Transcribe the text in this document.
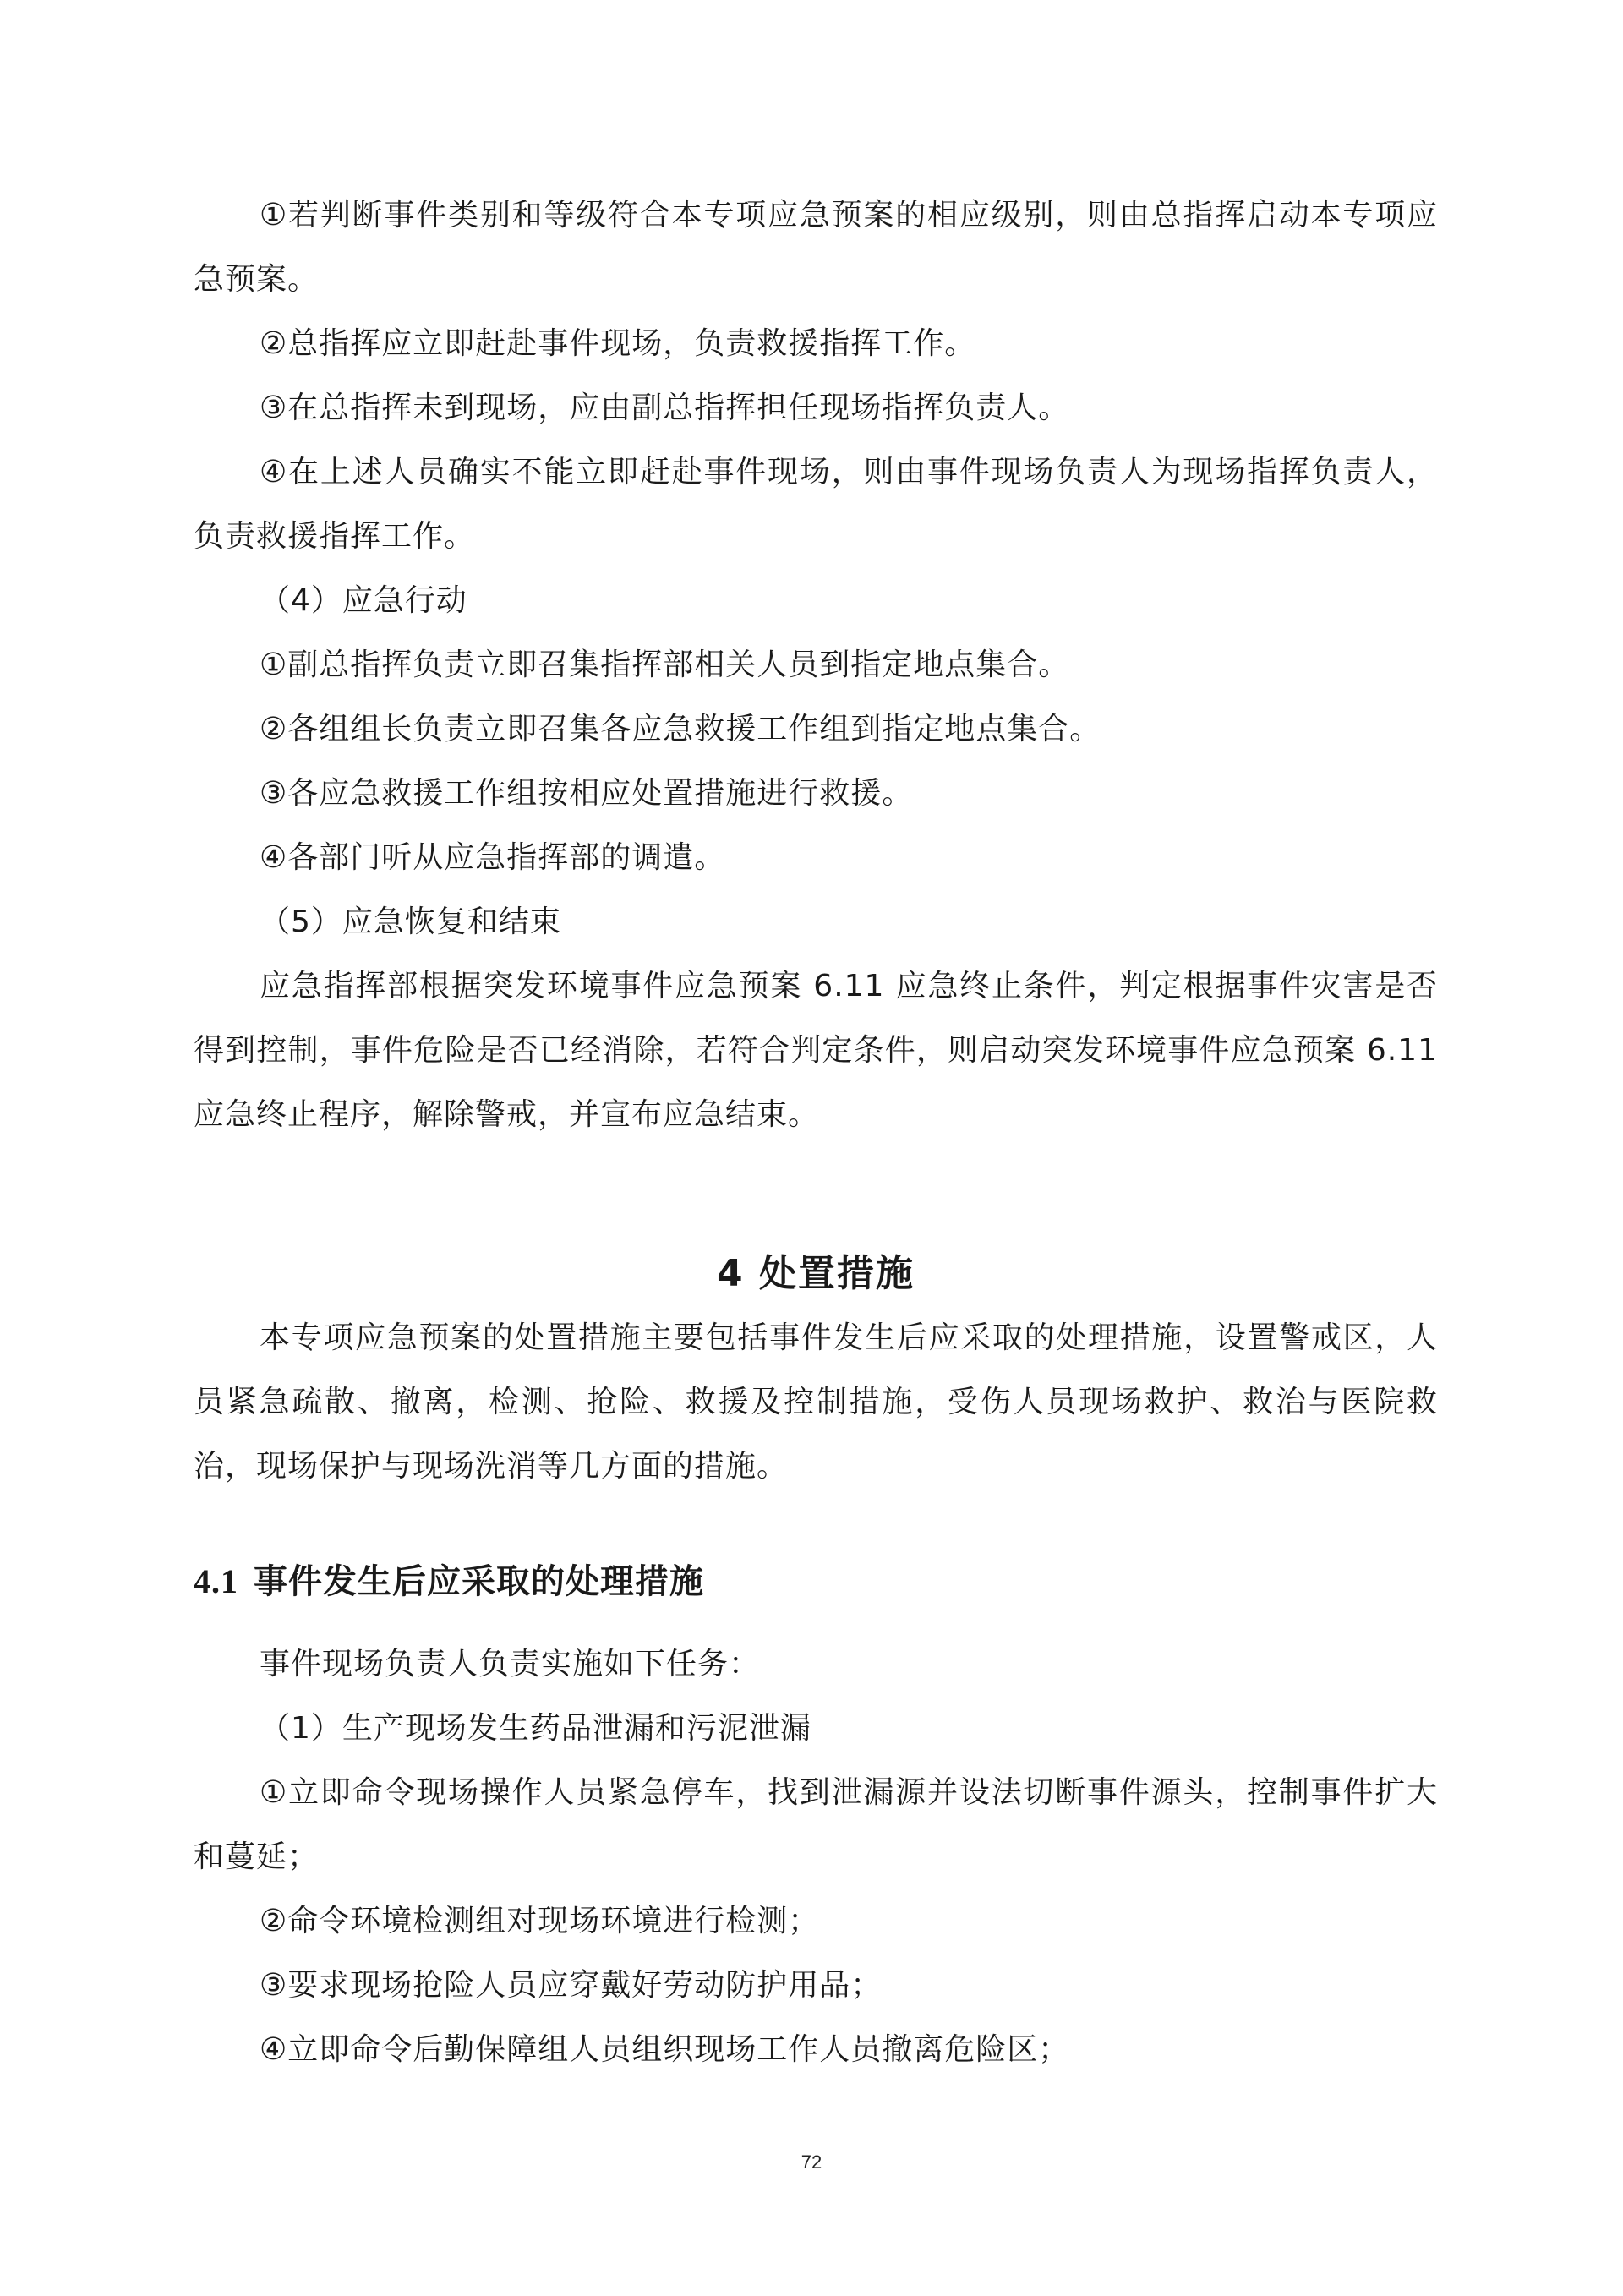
①若判断事件类别和等级符合本专项应急预案的相应级别，则由总指挥启动本专项应急预案。

②总指挥应立即赶赴事件现场，负责救援指挥工作。

③在总指挥未到现场，应由副总指挥担任现场指挥负责人。

④在上述人员确实不能立即赶赴事件现场，则由事件现场负责人为现场指挥负责人，负责救援指挥工作。

（4）应急行动

①副总指挥负责立即召集指挥部相关人员到指定地点集合。

②各组组长负责立即召集各应急救援工作组到指定地点集合。

③各应急救援工作组按相应处置措施进行救援。

④各部门听从应急指挥部的调遣。

（5）应急恢复和结束

应急指挥部根据突发环境事件应急预案 6.11 应急终止条件，判定根据事件灾害是否得到控制，事件危险是否已经消除，若符合判定条件，则启动突发环境事件应急预案 6.11 应急终止程序，解除警戒，并宣布应急结束。

4 处置措施

本专项应急预案的处置措施主要包括事件发生后应采取的处理措施，设置警戒区，人员紧急疏散、撤离，检测、抢险、救援及控制措施，受伤人员现场救护、救治与医院救治，现场保护与现场洗消等几方面的措施。

4.1 事件发生后应采取的处理措施

事件现场负责人负责实施如下任务：

（1）生产现场发生药品泄漏和污泥泄漏

①立即命令现场操作人员紧急停车，找到泄漏源并设法切断事件源头，控制事件扩大和蔓延；

②命令环境检测组对现场环境进行检测；

③要求现场抢险人员应穿戴好劳动防护用品；

④立即命令后勤保障组人员组织现场工作人员撤离危险区；

72
